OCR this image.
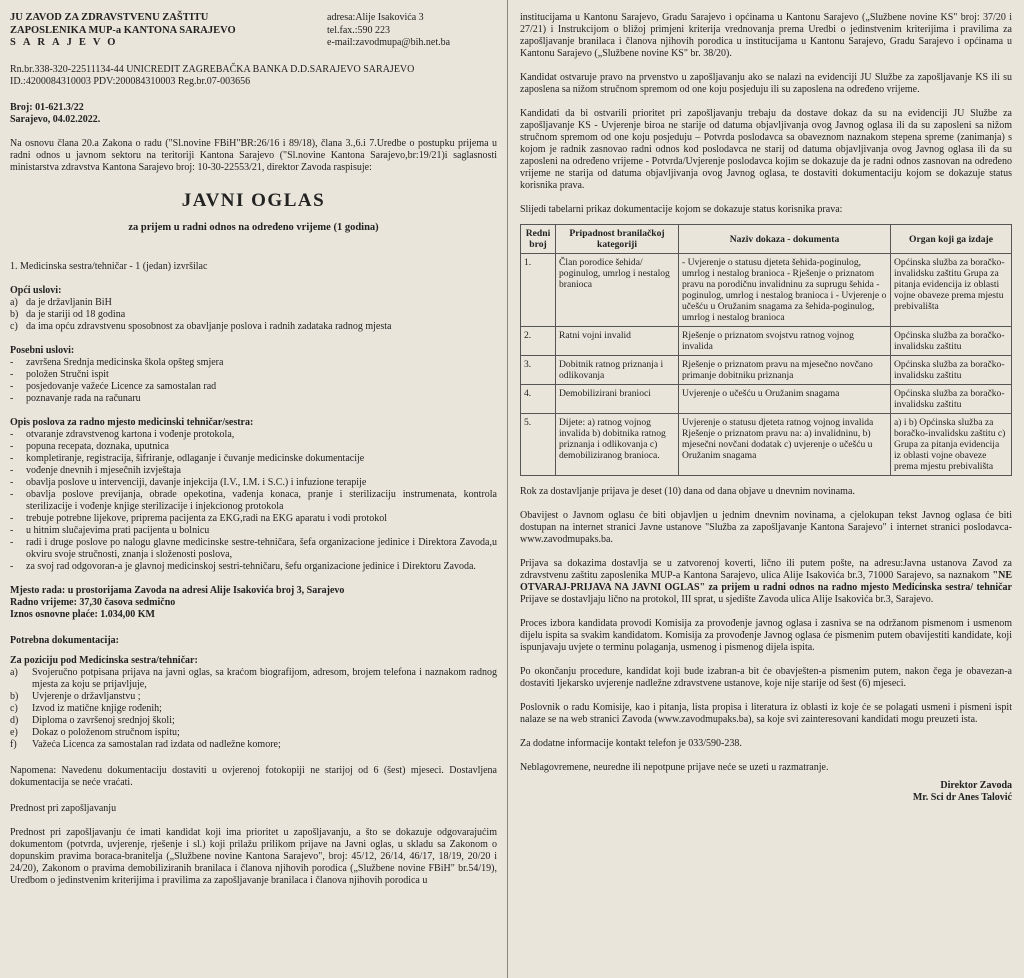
JU ZAVOD ZA ZDRAVSTVENU ZAŠTITU

ZAPOSLENIKA MUP-a KANTONA SARAJEVO

SARAJEVO

adresa:Alije Isakovića 3

tel.fax.:590 223

e-mail:zavodmupa@bih.net.ba

Rn.br.338-320-22511134-44 UNICREDIT ZAGREBAČKA BANKA D.D.SARAJEVO SARAJEVO

ID.:4200084310003 PDV:200084310003 Reg.br.07-003656

Broj: 01-621.3/22

Sarajevo, 04.02.2022.

Na osnovu člana 20.a Zakona o radu ("Sl.novine FBiH"BR:26/16 i 89/18), člana 3.,6.i 7.Uredbe o postupku prijema u radni odnos u javnom sektoru na teritoriji Kantona Sarajevo ("Sl.novine Kantona Sarajevo,br:19/21)i saglasnosti ministarstva zdravstva Kantona Sarajevo broj: 10-30-22553/21, direktor Zavoda raspisuje:

JAVNI OGLAS

za prijem u radni odnos na određeno vrijeme (1 godina)

1. Medicinska sestra/tehničar - 1 (jedan) izvršilac

Opći uslovi:

a) da je državljanin BiH
b) da je stariji od 18 godina
c) da ima opću zdravstvenu sposobnost za obavljanje poslova i radnih zadataka radnog mjesta

Posebni uslovi:

-	završena Srednja medicinska škola opšteg smjera
-	položen Stručni ispit
-	posjedovanje važeće Licence za samostalan rad
-	poznavanje rada na računaru

Opis poslova za radno mjesto medicinski tehničar/sestra:

-	otvaranje zdravstvenog kartona i vođenje protokola,
-	popuna recepata, doznaka, uputnica
-	kompletiranje, registracija, šifriranje, odlaganje i čuvanje medicinske dokumentacije
-	vođenje dnevnih i mjesečnih izvještaja
-	obavlja poslove u intervenciji, davanje injekcija (I.V., I.M. i S.C.) i infuzione terapije
-	obavlja poslove previjanja, obrade opekotina, vađenja konaca, pranje i sterilizaciju instrumenata, kontrola sterilizacije i vođenje knjige sterilizacije i injekcionog protokola
-	trebuje potrebne lijekove, priprema pacijenta za EKG,radi na EKG aparatu i vodi protokol
-	u hitnim slučajevima prati pacijenta u bolnicu
-	radi i druge poslove po nalogu glavne medicinske sestre-tehničara, šefa organizacione jedinice i Direktora Zavoda,u okviru svoje stručnosti, znanja i složenosti poslova,
-	za svoj rad odgovoran-a je glavnoj medicinskoj sestri-tehničaru, šefu organizacione jedinice i Direktoru Zavoda.

Mjesto rada: u prostorijama Zavoda na adresi Alije Isakovića broj 3, Sarajevo

Radno vrijeme: 37,30 časova sedmično

Iznos osnovne plaće: 1.034,00 KM

Potrebna dokumentacija:

Za poziciju pod Medicinska sestra/tehničar:

a)	Svojeručno potpisana prijava na javni oglas, sa kraćom biografijom, adresom, brojem telefona i naznakom radnog mjesta za koju se prijavljuje,
b)	Uvjerenje o državljanstvu ;
c)	Izvod iz matične knjige rođenih;
d)	Diploma o završenoj srednjoj školi;
e)	Dokaz o položenom stručnom ispitu;
f)	Važeća Licenca za samostalan rad izdata od nadležne komore;

Napomena: Navedenu dokumentaciju dostaviti u ovjerenoj fotokopiji ne starijoj od 6 (šest) mjeseci. Dostavljena dokumentacija se neće vraćati.

Prednost pri zapošljavanju

Prednost pri zapošljavanju će imati kandidat koji ima prioritet u zapošljavanju, a što se dokazuje odgovarajućim dokumentom (potvrda, uvjerenje, rješenje i sl.) koji prilažu prilikom prijave na Javni oglas, u skladu sa Zakonom o dopunskim pravima boraca-branitelja („Službene novine Kantona Sarajevo", broj: 45/12, 26/14, 46/17, 18/19, 20/20 i 24/20), Zakonom o pravima demobiliziranih branilaca i članova njihovih porodica („Službene novine FBiH" br.54/19), Uredbom o jedinstvenim kriterijima i pravilima za zapošljavanje branilaca i članova njihovih porodica u

institucijama u Kantonu Sarajevo, Gradu Sarajevo i općinama u Kantonu Sarajevo („Službene novine KS" broj: 37/20 i 27/21) i Instrukcijom o bližoj primjeni kriterija vrednovanja prema Uredbi o jedinstvenim kriterijima i pravilima za zapošljavanje branilaca i članova njihovih porodica u institucijama u Kantonu Sarajevo, Gradu Sarajevo i općinama u Kantonu Sarajevo („Službene novine KS" br. 38/20).

Kandidat ostvaruje pravo na prvenstvo u zapošljavanju ako se nalazi na evidenciji JU Službe za zapošljavanje KS ili su zaposlena sa nižom stručnom spremom od one koju posjeduju ili su zaposlena na određeno vrijeme.

Kandidati da bi ostvarili prioritet pri zapošljavanju trebaju da dostave dokaz da su na evidenciji JU Službe za zapošljavanje KS - Uvjerenje biroa ne starije od datuma objavljivanja ovog Javnog oglasa ili da su zaposleni sa nižom stručnom spremom od one koju posjeduju – Potvrda poslodavca sa obaveznom naznakom stepena spreme (zanimanja) s kojom je radnik zasnovao radni odnos kod poslodavca ne starij od datuma objavljivanja ovog Javnog oglasa ili da su zaposleni na određeno vrijeme - Potvrda/Uvjerenje poslodavca kojim se dokazuje da je radni odnos zasnovan na određeno vrijeme ne starija od datuma objavljivanja ovog Javnog oglasa, te dostaviti dokumentaciju kojom se dokazuje status korisnika prava.

Slijedi tabelarni prikaz dokumentacije kojom se dokazuje status korisnika prava:

Redni broj	Pripadnost branilačkoj kategoriji	Naziv dokaza - dokumenta	Organ koji ga izdaje
1.	Član porodice šehida/ poginulog, umrlog i nestalog branioca	- Uvjerenje o statusu djeteta šehida-poginulog, umrlog i nestalog branioca - Rješenje o priznatom pravu na porodičnu invalidninu za suprugu šehida - poginulog, umrlog i nestalog branioca i - Uvjerenje o učešću u Oružanim snagama za šehida-poginulog, umrlog i nestalog branioca	Općinska služba za boračko-invalidsku zaštitu Grupa za pitanja evidencija iz oblasti vojne obaveze prema mjestu prebivališta
2.	Ratni vojni invalid	Rješenje o priznatom svojstvu ratnog vojnog invalida	Općinska služba za boračko-invalidsku zaštitu
3.	Dobitnik ratnog priznanja i odlikovanja	Rješenje o priznatom pravu na mjesečno novčano primanje dobitniku priznanja	Općinska služba za boračko-invalidsku zaštitu
4.	Demobilizirani branioci	Uvjerenje o učešću u Oružanim snagama	Općinska služba za boračko-invalidsku zaštitu
5.	Dijete: a) ratnog vojnog invalida b) dobitnika ratnog priznanja i odlikovanja c) demobiliziranog branioca.	Uvjerenje o statusu djeteta ratnog vojnog invalida Rješenje o priznatom pravu na: a) invalidninu, b) mjesečni novčani dodatak c) uvjerenje o učešću u Oružanim snagama	a) i b) Općinska služba za boračko-invalidsku zaštitu c) Grupa za pitanja evidencija iz oblasti vojne obaveze prema mjestu prebivališta

Rok za dostavljanje prijava je deset (10) dana od dana objave u dnevnim novinama.

Obavijest o Javnom oglasu će biti objavljen u jednim dnevnim novinama, a cjelokupan tekst Javnog oglasa će biti dostupan na internet stranici Javne ustanove "Služba za zapošljavanje Kantona Sarajevo" i internet stranici poslodavca-www.zavodmupaks.ba.

Prijava sa dokazima dostavlja se u zatvorenoj koverti, lično ili putem pošte, na adresu:Javna ustanova Zavod za zdravstvenu zaštitu zaposlenika MUP-a Kantona Sarajevo, ulica Alije Isakovića br.3, 71000 Sarajevo, sa naznakom "NE OTVARAJ-PRIJAVA NA JAVNI OGLAS" za prijem u radni odnos na radno mjesto Medicinska sestra/ tehničar Prijave se dostavljaju lično na protokol, III sprat, u sjedište Zavoda ulica Alije Isakovića br.3, Sarajevo.

Proces izbora kandidata provodi Komisija za provođenje javnog oglasa i zasniva se na održanom pismenom i usmenom dijelu ispita sa svakim kandidatom. Komisija za provođenje Javnog oglasa će pismenim putem obavijestiti kandidate, koji ispunjavaju uvjete o terminu polaganja, usmenog i pismenog dijela ispita.

Po okončanju procedure, kandidat koji bude izabran-a bit će obavješten-a pismenim putem, nakon čega je obavezan-a dostaviti ljekarsko uvjerenje nadležne zdravstvene ustanove, koje nije starije od šest (6) mjeseci.

Poslovnik o radu Komisije, kao i pitanja, lista propisa i literatura iz oblasti iz koje će se polagati usmeni i pismeni ispit nalaze se na web stranici Zavoda (www.zavodmupaks.ba), sa koje svi zainteresovani kandidati mogu preuzeti ista.

Za dodatne informacije kontakt telefon je 033/590-238.

Neblagovremene, neuredne ili nepotpune prijave neće se uzeti u razmatranje.

Direktor Zavoda

Mr. Sci dr Anes Talović
